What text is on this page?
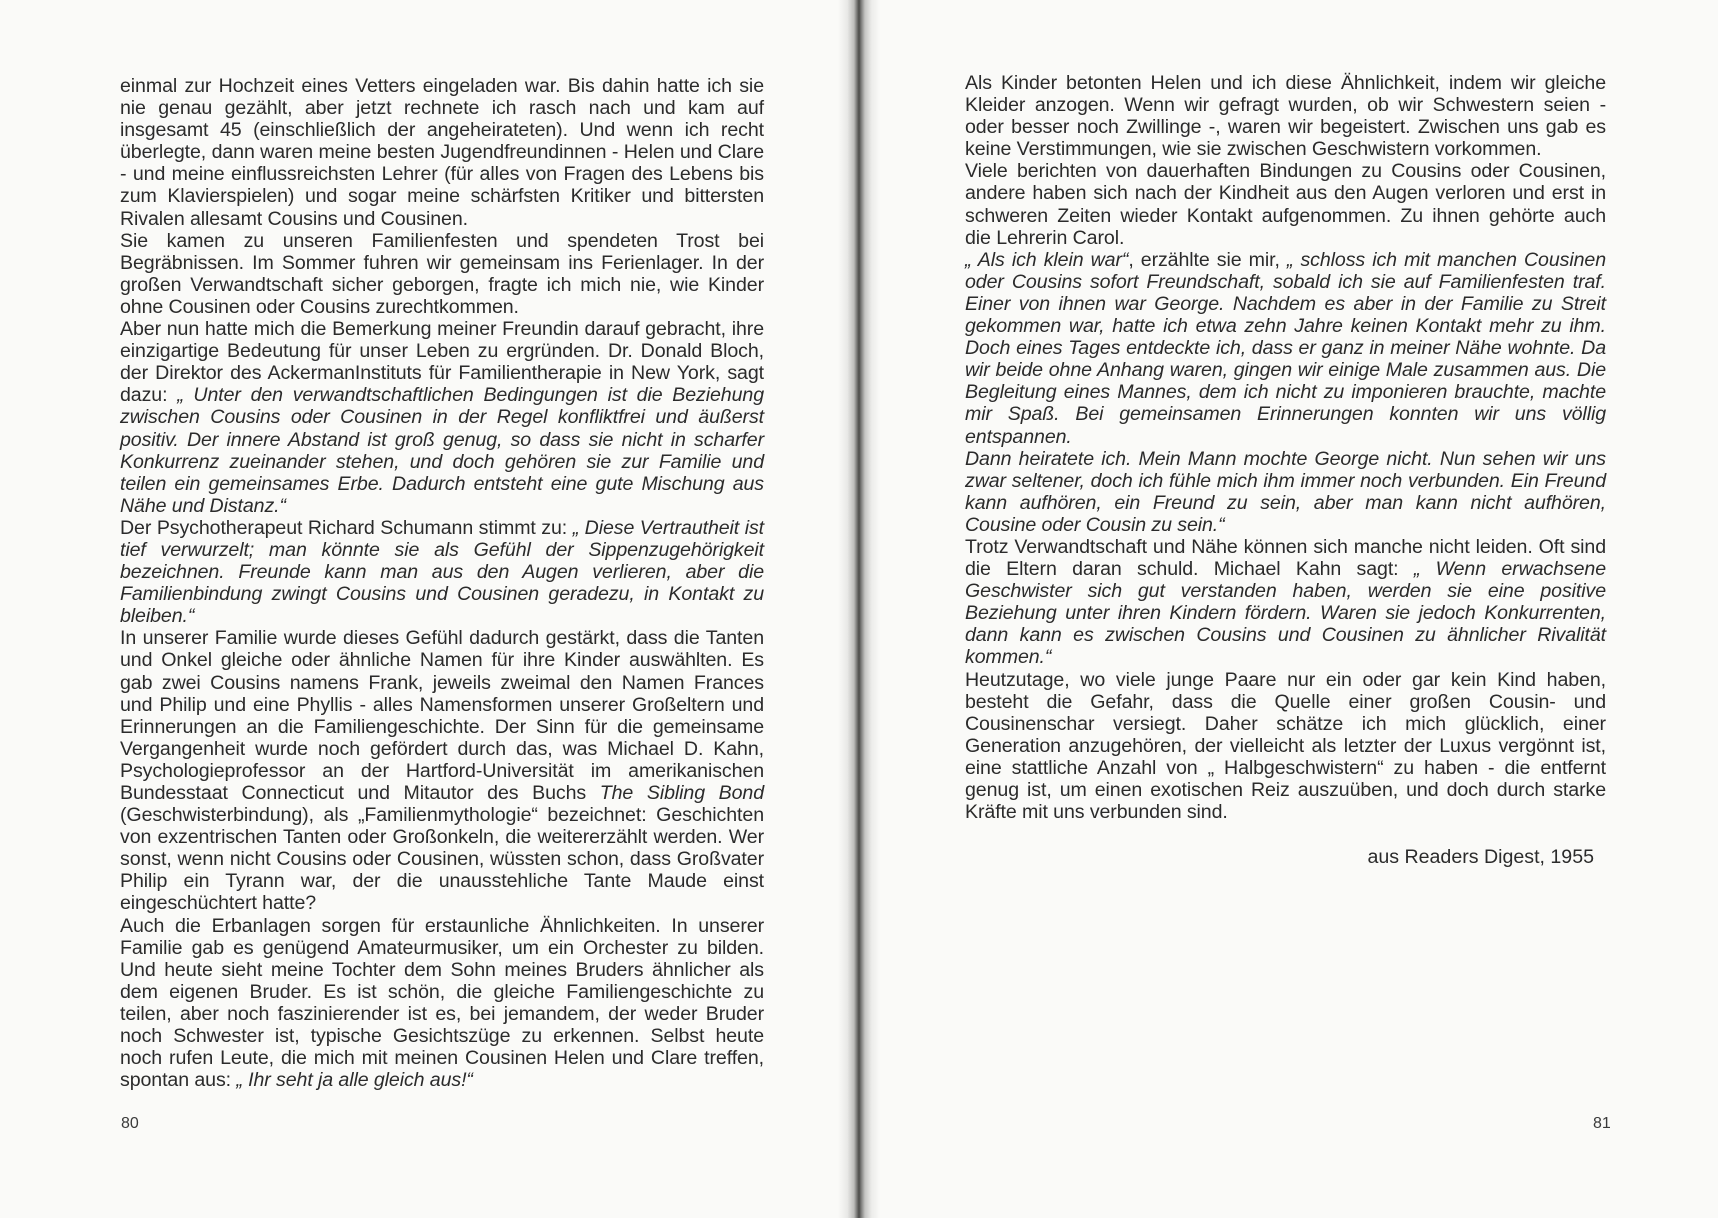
einmal zur Hochzeit eines Vetters eingeladen war. Bis dahin hatte ich sie nie genau gezählt, aber jetzt rechnete ich rasch nach und kam auf insgesamt 45 (einschließlich der angeheirateten). Und wenn ich recht überlegte, dann waren meine besten Jugendfreundinnen - Helen und Clare - und meine einflussreichsten Lehrer (für alles von Fragen des Lebens bis zum Klavierspielen) und sogar meine schärfsten Kritiker und bittersten Rivalen allesamt Cousins und Cousinen.

Sie kamen zu unseren Familienfesten und spendeten Trost bei Begräbnissen. Im Sommer fuhren wir gemeinsam ins Ferienlager. In der großen Verwandtschaft sicher geborgen, fragte ich mich nie, wie Kinder ohne Cousinen oder Cousins zurechtkommen.

Aber nun hatte mich die Bemerkung meiner Freundin darauf gebracht, ihre einzigartige Bedeutung für unser Leben zu ergründen. Dr. Donald Bloch, der Direktor des AckermanInstituts für Familientherapie in New York, sagt dazu: „ Unter den verwandtschaftlichen Bedingungen ist die Beziehung zwischen Cousins oder Cousinen in der Regel konfliktfrei und äußerst positiv. Der innere Abstand ist groß genug, so dass sie nicht in scharfer Konkurrenz zueinander stehen, und doch gehören sie zur Familie und teilen ein gemeinsames Erbe. Dadurch entsteht eine gute Mischung aus Nähe und Distanz.“

Der Psychotherapeut Richard Schumann stimmt zu: „ Diese Vertrautheit ist tief verwurzelt; man könnte sie als Gefühl der Sippenzugehörigkeit bezeichnen. Freunde kann man aus den Augen verlieren, aber die Familienbindung zwingt Cousins und Cousinen geradezu, in Kontakt zu bleiben.“

In unserer Familie wurde dieses Gefühl dadurch gestärkt, dass die Tanten und Onkel gleiche oder ähnliche Namen für ihre Kinder auswählten. Es gab zwei Cousins namens Frank, jeweils zweimal den Namen Frances und Philip und eine Phyllis - alles Namensformen unserer Großeltern und Erinnerungen an die Familiengeschichte. Der Sinn für die gemeinsame Vergangenheit wurde noch gefördert durch das, was Michael D. Kahn, Psychologieprofessor an der Hartford-Universität im amerikanischen Bundesstaat Connecticut und Mitautor des Buchs The Sibling Bond (Geschwisterbindung), als „Familienmythologie“ bezeichnet: Geschichten von exzentrischen Tanten oder Großonkeln, die weitererzählt werden. Wer sonst, wenn nicht Cousins oder Cousinen, wüssten schon, dass Großvater Philip ein Tyrann war, der die unausstehliche Tante Maude einst eingeschüchtert hatte?

Auch die Erbanlagen sorgen für erstaunliche Ähnlichkeiten. In unserer Familie gab es genügend Amateurmusiker, um ein Orchester zu bilden. Und heute sieht meine Tochter dem Sohn meines Bruders ähnlicher als dem eigenen Bruder. Es ist schön, die gleiche Familiengeschichte zu teilen, aber noch faszinierender ist es, bei jemandem, der weder Bruder noch Schwester ist, typische Gesichtszüge zu erkennen. Selbst heute noch rufen Leute, die mich mit meinen Cousinen Helen und Clare treffen, spontan aus: „ Ihr seht ja alle gleich aus!“

80

Als Kinder betonten Helen und ich diese Ähnlichkeit, indem wir gleiche Kleider anzogen. Wenn wir gefragt wurden, ob wir Schwestern seien - oder besser noch Zwillinge -, waren wir begeistert. Zwischen uns gab es keine Verstimmungen, wie sie zwischen Geschwistern vorkommen.

Viele berichten von dauerhaften Bindungen zu Cousins oder Cousinen, andere haben sich nach der Kindheit aus den Augen verloren und erst in schweren Zeiten wieder Kontakt aufgenommen. Zu ihnen gehörte auch die Lehrerin Carol.

„ Als ich klein war“, erzählte sie mir, „ schloss ich mit manchen Cousinen oder Cousins sofort Freundschaft, sobald ich sie auf Familienfesten traf. Einer von ihnen war George. Nachdem es aber in der Familie zu Streit gekommen war, hatte ich etwa zehn Jahre keinen Kontakt mehr zu ihm. Doch eines Tages entdeckte ich, dass er ganz in meiner Nähe wohnte. Da wir beide ohne Anhang waren, gingen wir einige Male zusammen aus. Die Begleitung eines Mannes, dem ich nicht zu imponieren brauchte, machte mir Spaß. Bei gemeinsamen Erinnerungen konnten wir uns völlig entspannen.

Dann heiratete ich. Mein Mann mochte George nicht. Nun sehen wir uns zwar seltener, doch ich fühle mich ihm immer noch verbunden. Ein Freund kann aufhören, ein Freund zu sein, aber man kann nicht aufhören, Cousine oder Cousin zu sein.“

Trotz Verwandtschaft und Nähe können sich manche nicht leiden. Oft sind die Eltern daran schuld. Michael Kahn sagt: „ Wenn erwachsene Geschwister sich gut verstanden haben, werden sie eine positive Beziehung unter ihren Kindern fördern. Waren sie jedoch Konkurrenten, dann kann es zwischen Cousins und Cousinen zu ähnlicher Rivalität kommen.“

Heutzutage, wo viele junge Paare nur ein oder gar kein Kind haben, besteht die Gefahr, dass die Quelle einer großen Cousin- und Cousinenschar versiegt. Daher schätze ich mich glücklich, einer Generation anzugehören, der vielleicht als letzter der Luxus vergönnt ist, eine stattliche Anzahl von „ Halbgeschwistern“ zu haben - die entfernt genug ist, um einen exotischen Reiz auszuüben, und doch durch starke Kräfte mit uns verbunden sind.

aus Readers Digest, 1955
81
